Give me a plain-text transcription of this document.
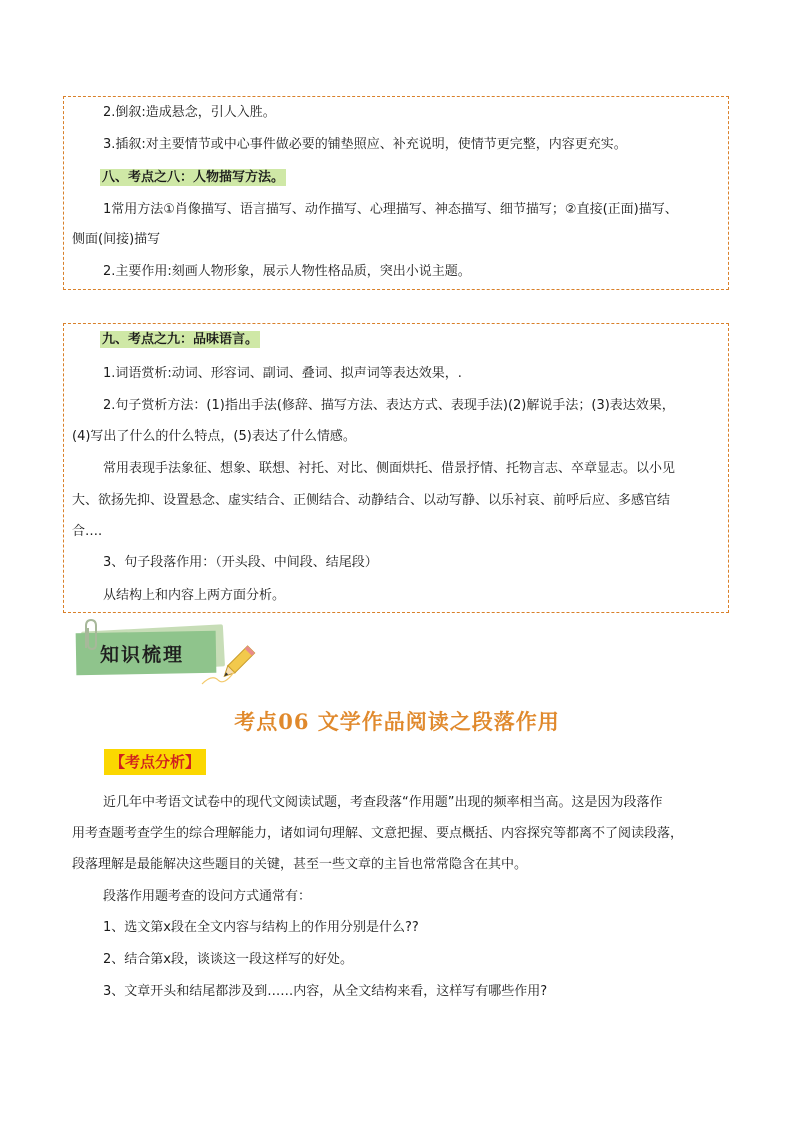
2.倒叙:造成悬念，引人入胜。
3.插叙:对主要情节或中心事件做必要的铺垫照应、补充说明，使情节更完整，内容更充实。
八、考点之八：人物描写方法。
1常用方法①肖像描写、语言描写、动作描写、心理描写、神态描写、细节描写；②直接(正面)描写、
侧面(间接)描写
2.主要作用:刻画人物形象，展示人物性格品质，突出小说主题。
九、考点之九：品味语言。
1.词语赏析:动词、形容词、副词、叠词、拟声词等表达效果，.
2.句子赏析方法：(1)指出手法(修辞、描写方法、表达方式、表现手法)(2)解说手法；(3)表达效果，
(4)写出了什么的什么特点，(5)表达了什么情感。
常用表现手法象征、想象、联想、衬托、对比、侧面烘托、借景抒情、托物言志、卒章显志。以小见
大、欲扬先抑、设置悬念、虚实结合、正侧结合、动静结合、以动写静、以乐衬哀、前呼后应、多感官结
合….
3、句子段落作用：（开头段、中间段、结尾段）
从结构上和内容上两方面分析。
知识梳理
考点06 文学作品阅读之段落作用
【考点分析】
近几年中考语文试卷中的现代文阅读试题，考查段落“作用题”出现的频率相当高。这是因为段落作
用考查题考查学生的综合理解能力，诸如词句理解、文意把握、要点概括、内容探究等都离不了阅读段落，
段落理解是最能解决这些题目的关键，甚至一些文章的主旨也常常隐含在其中。
段落作用题考查的设问方式通常有：
1、选文第x段在全文内容与结构上的作用分别是什么??
2、结合第x段，谈谈这一段这样写的好处。
3、文章开头和结尾都涉及到……内容，从全文结构来看，这样写有哪些作用?
